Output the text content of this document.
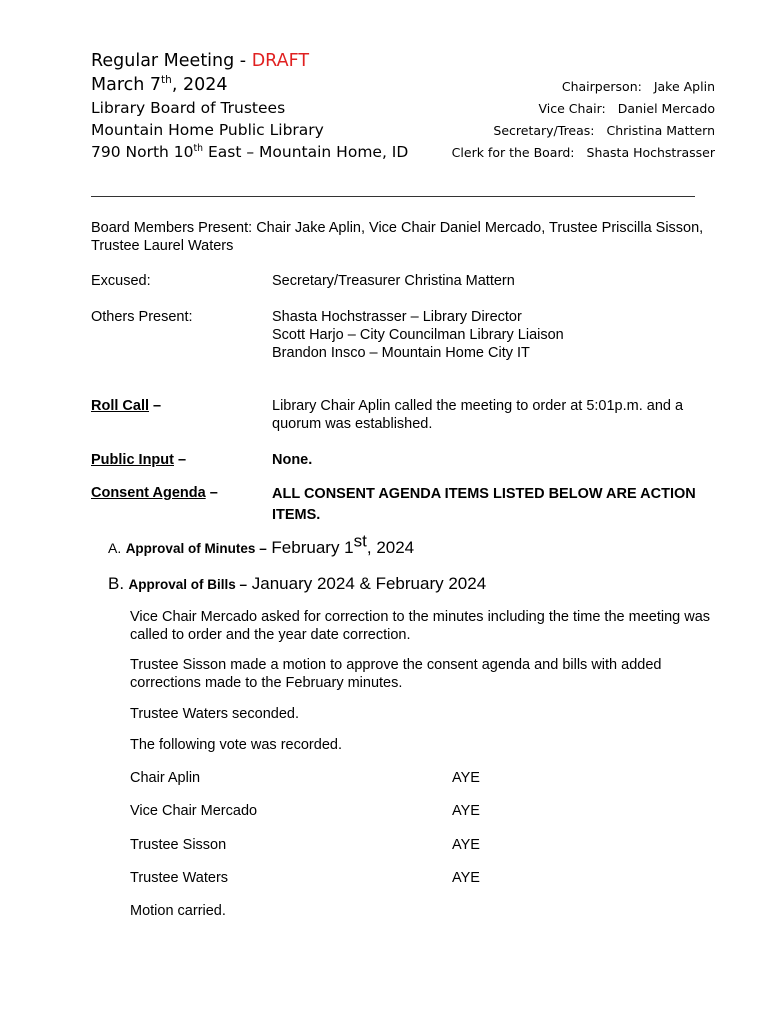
Regular Meeting - DRAFT
March 7th, 2024
Library Board of Trustees
Mountain Home Public Library
790 North 10th East – Mountain Home, ID
Chairperson: Jake Aplin
Vice Chair: Daniel Mercado
Secretary/Treas: Christina Mattern
Clerk for the Board: Shasta Hochstrasser
Board Members Present: Chair Jake Aplin, Vice Chair Daniel Mercado, Trustee Priscilla Sisson, Trustee Laurel Waters
Excused:	Secretary/Treasurer Christina Mattern
Others Present:	Shasta Hochstrasser – Library Director
Scott Harjo – City Councilman Library Liaison
Brandon Insco – Mountain Home City IT
Roll Call –	Library Chair Aplin called the meeting to order at 5:01p.m. and a quorum was established.
Public Input –	None.
Consent Agenda –	ALL CONSENT AGENDA ITEMS LISTED BELOW ARE ACTION ITEMS.
A. Approval of Minutes – February 1st, 2024
B. Approval of Bills – January 2024 & February 2024
Vice Chair Mercado asked for correction to the minutes including the time the meeting was called to order and the year date correction.
Trustee Sisson made a motion to approve the consent agenda and bills with added corrections made to the February minutes.
Trustee Waters seconded.
The following vote was recorded.
Chair Aplin	AYE
Vice Chair Mercado	AYE
Trustee Sisson	AYE
Trustee Waters	AYE
Motion carried.
